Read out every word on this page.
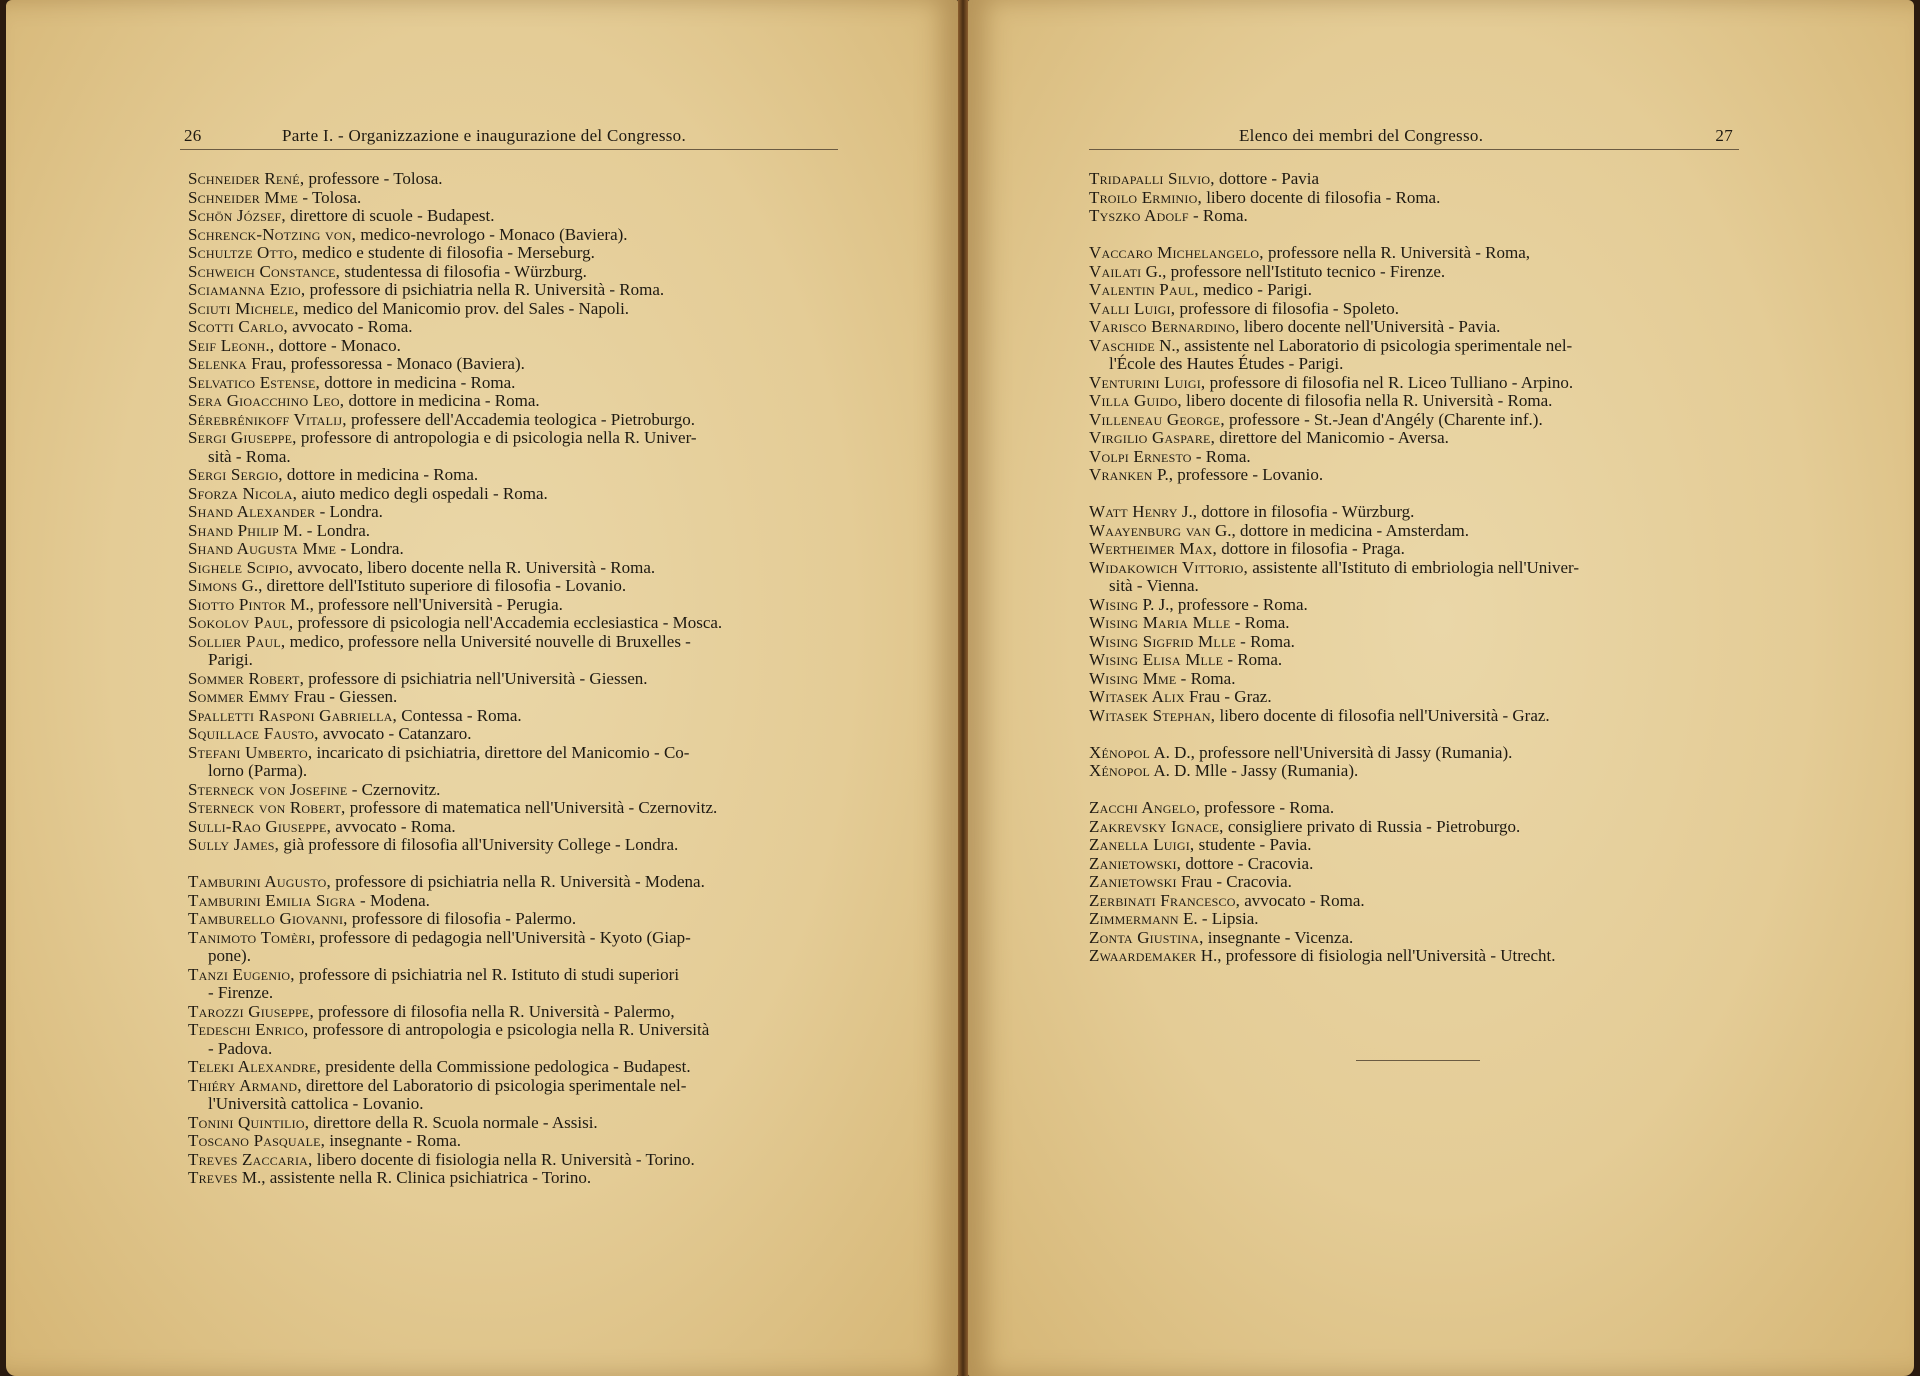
26	Parte I. - Organizzazione e inaugurazione del Congresso.
Schneider René, professore - Tolosa.
Schneider Mme - Tolosa.
Schön József, direttore di scuole - Budapest.
Schrenck-Notzing von, medico-nevrologo - Monaco (Baviera).
Schultze Otto, medico e studente di filosofia - Merseburg.
Schweich Constance, studentessa di filosofia - Würzburg.
Sciamanna Ezio, professore di psichiatria nella R. Università - Roma.
Sciuti Michele, medico del Manicomio prov. del Sales - Napoli.
Scotti Carlo, avvocato - Roma.
Seif Leonh., dottore - Monaco.
Selenka Frau, professoressa - Monaco (Baviera).
Selvatico Estense, dottore in medicina - Roma.
Sera Gioacchino Leo, dottore in medicina - Roma.
Sérebrénikoff Vitalij, professere dell'Accademia teologica - Pietroburgo.
Sergi Giuseppe, professore di antropologia e di psicologia nella R. Univer-
sità - Roma.
Sergi Sergio, dottore in medicina - Roma.
Sforza Nicola, aiuto medico degli ospedali - Roma.
Shand Alexander - Londra.
Shand Philip M. - Londra.
Shand Augusta Mme - Londra.
Sighele Scipio, avvocato, libero docente nella R. Università - Roma.
Simons G., direttore dell'Istituto superiore di filosofia - Lovanio.
Siotto Pintor M., professore nell'Università - Perugia.
Sokolov Paul, professore di psicologia nell'Accademia ecclesiastica - Mosca.
Sollier Paul, medico, professore nella Université nouvelle di Bruxelles -
Parigi.
Sommer Robert, professore di psichiatria nell'Università - Giessen.
Sommer Emmy Frau - Giessen.
Spalletti Rasponi Gabriella, Contessa - Roma.
Squillace Fausto, avvocato - Catanzaro.
Stefani Umberto, incaricato di psichiatria, direttore del Manicomio - Co-
lorno (Parma).
Sterneck von Josefine - Czernovitz.
Sterneck von Robert, professore di matematica nell'Università - Czernovitz.
Sulli-Rao Giuseppe, avvocato - Roma.
Sully James, già professore di filosofia all'University College - Londra.
Tamburini Augusto, professore di psichiatria nella R. Università - Modena.
Tamburini Emilia Sigra - Modena.
Tamburello Giovanni, professore di filosofia - Palermo.
Tanimoto Tomèri, professore di pedagogia nell'Università - Kyoto (Giap-
pone).
Tanzi Eugenio, professore di psichiatria nel R. Istituto di studi superiori
- Firenze.
Tarozzi Giuseppe, professore di filosofia nella R. Università - Palermo,
Tedeschi Enrico, professore di antropologia e psicologia nella R. Università
- Padova.
Teleki Alexandre, presidente della Commissione pedologica - Budapest.
Thiéry Armand, direttore del Laboratorio di psicologia sperimentale nel-
l'Università cattolica - Lovanio.
Tonini Quintilio, direttore della R. Scuola normale - Assisi.
Toscano Pasquale, insegnante - Roma.
Treves Zaccaria, libero docente di fisiologia nella R. Università - Torino.
Treves M., assistente nella R. Clinica psichiatrica - Torino.
Elenco dei membri del Congresso.	27
Tridapalli Silvio, dottore - Pavia
Troilo Erminio, libero docente di filosofia - Roma.
Tyszko Adolf - Roma.
Vaccaro Michelangelo, professore nella R. Università - Roma,
Vailati G., professore nell'Istituto tecnico - Firenze.
Valentin Paul, medico - Parigi.
Valli Luigi, professore di filosofia - Spoleto.
Varisco Bernardino, libero docente nell'Università - Pavia.
Vaschide N., assistente nel Laboratorio di psicologia sperimentale nel-
l'École des Hautes Études - Parigi.
Venturini Luigi, professore di filosofia nel R. Liceo Tulliano - Arpino.
Villa Guido, libero docente di filosofia nella R. Università - Roma.
Villeneau George, professore - St.-Jean d'Angély (Charente inf.).
Virgilio Gaspare, direttore del Manicomio - Aversa.
Volpi Ernesto - Roma.
Vranken P., professore - Lovanio.
Watt Henry J., dottore in filosofia - Würzburg.
Waayenburg van G., dottore in medicina - Amsterdam.
Wertheimer Max, dottore in filosofia - Praga.
Widakowich Vittorio, assistente all'Istituto di embriologia nell'Univer-
sità - Vienna.
Wising P. J., professore - Roma.
Wising Maria Mlle - Roma.
Wising Sigfrid Mlle - Roma.
Wising Elisa Mlle - Roma.
Wising Mme - Roma.
Witasek Alix Frau - Graz.
Witasek Stephan, libero docente di filosofia nell'Università - Graz.
Xénopol A. D., professore nell'Università di Jassy (Rumania).
Xénopol A. D. Mlle - Jassy (Rumania).
Zacchi Angelo, professore - Roma.
Zakrevsky Ignace, consigliere privato di Russia - Pietroburgo.
Zanella Luigi, studente - Pavia.
Zanietowski, dottore - Cracovia.
Zanietowski Frau - Cracovia.
Zerbinati Francesco, avvocato - Roma.
Zimmermann E. - Lipsia.
Zonta Giustina, insegnante - Vicenza.
Zwaardemaker H., professore di fisiologia nell'Università - Utrecht.
